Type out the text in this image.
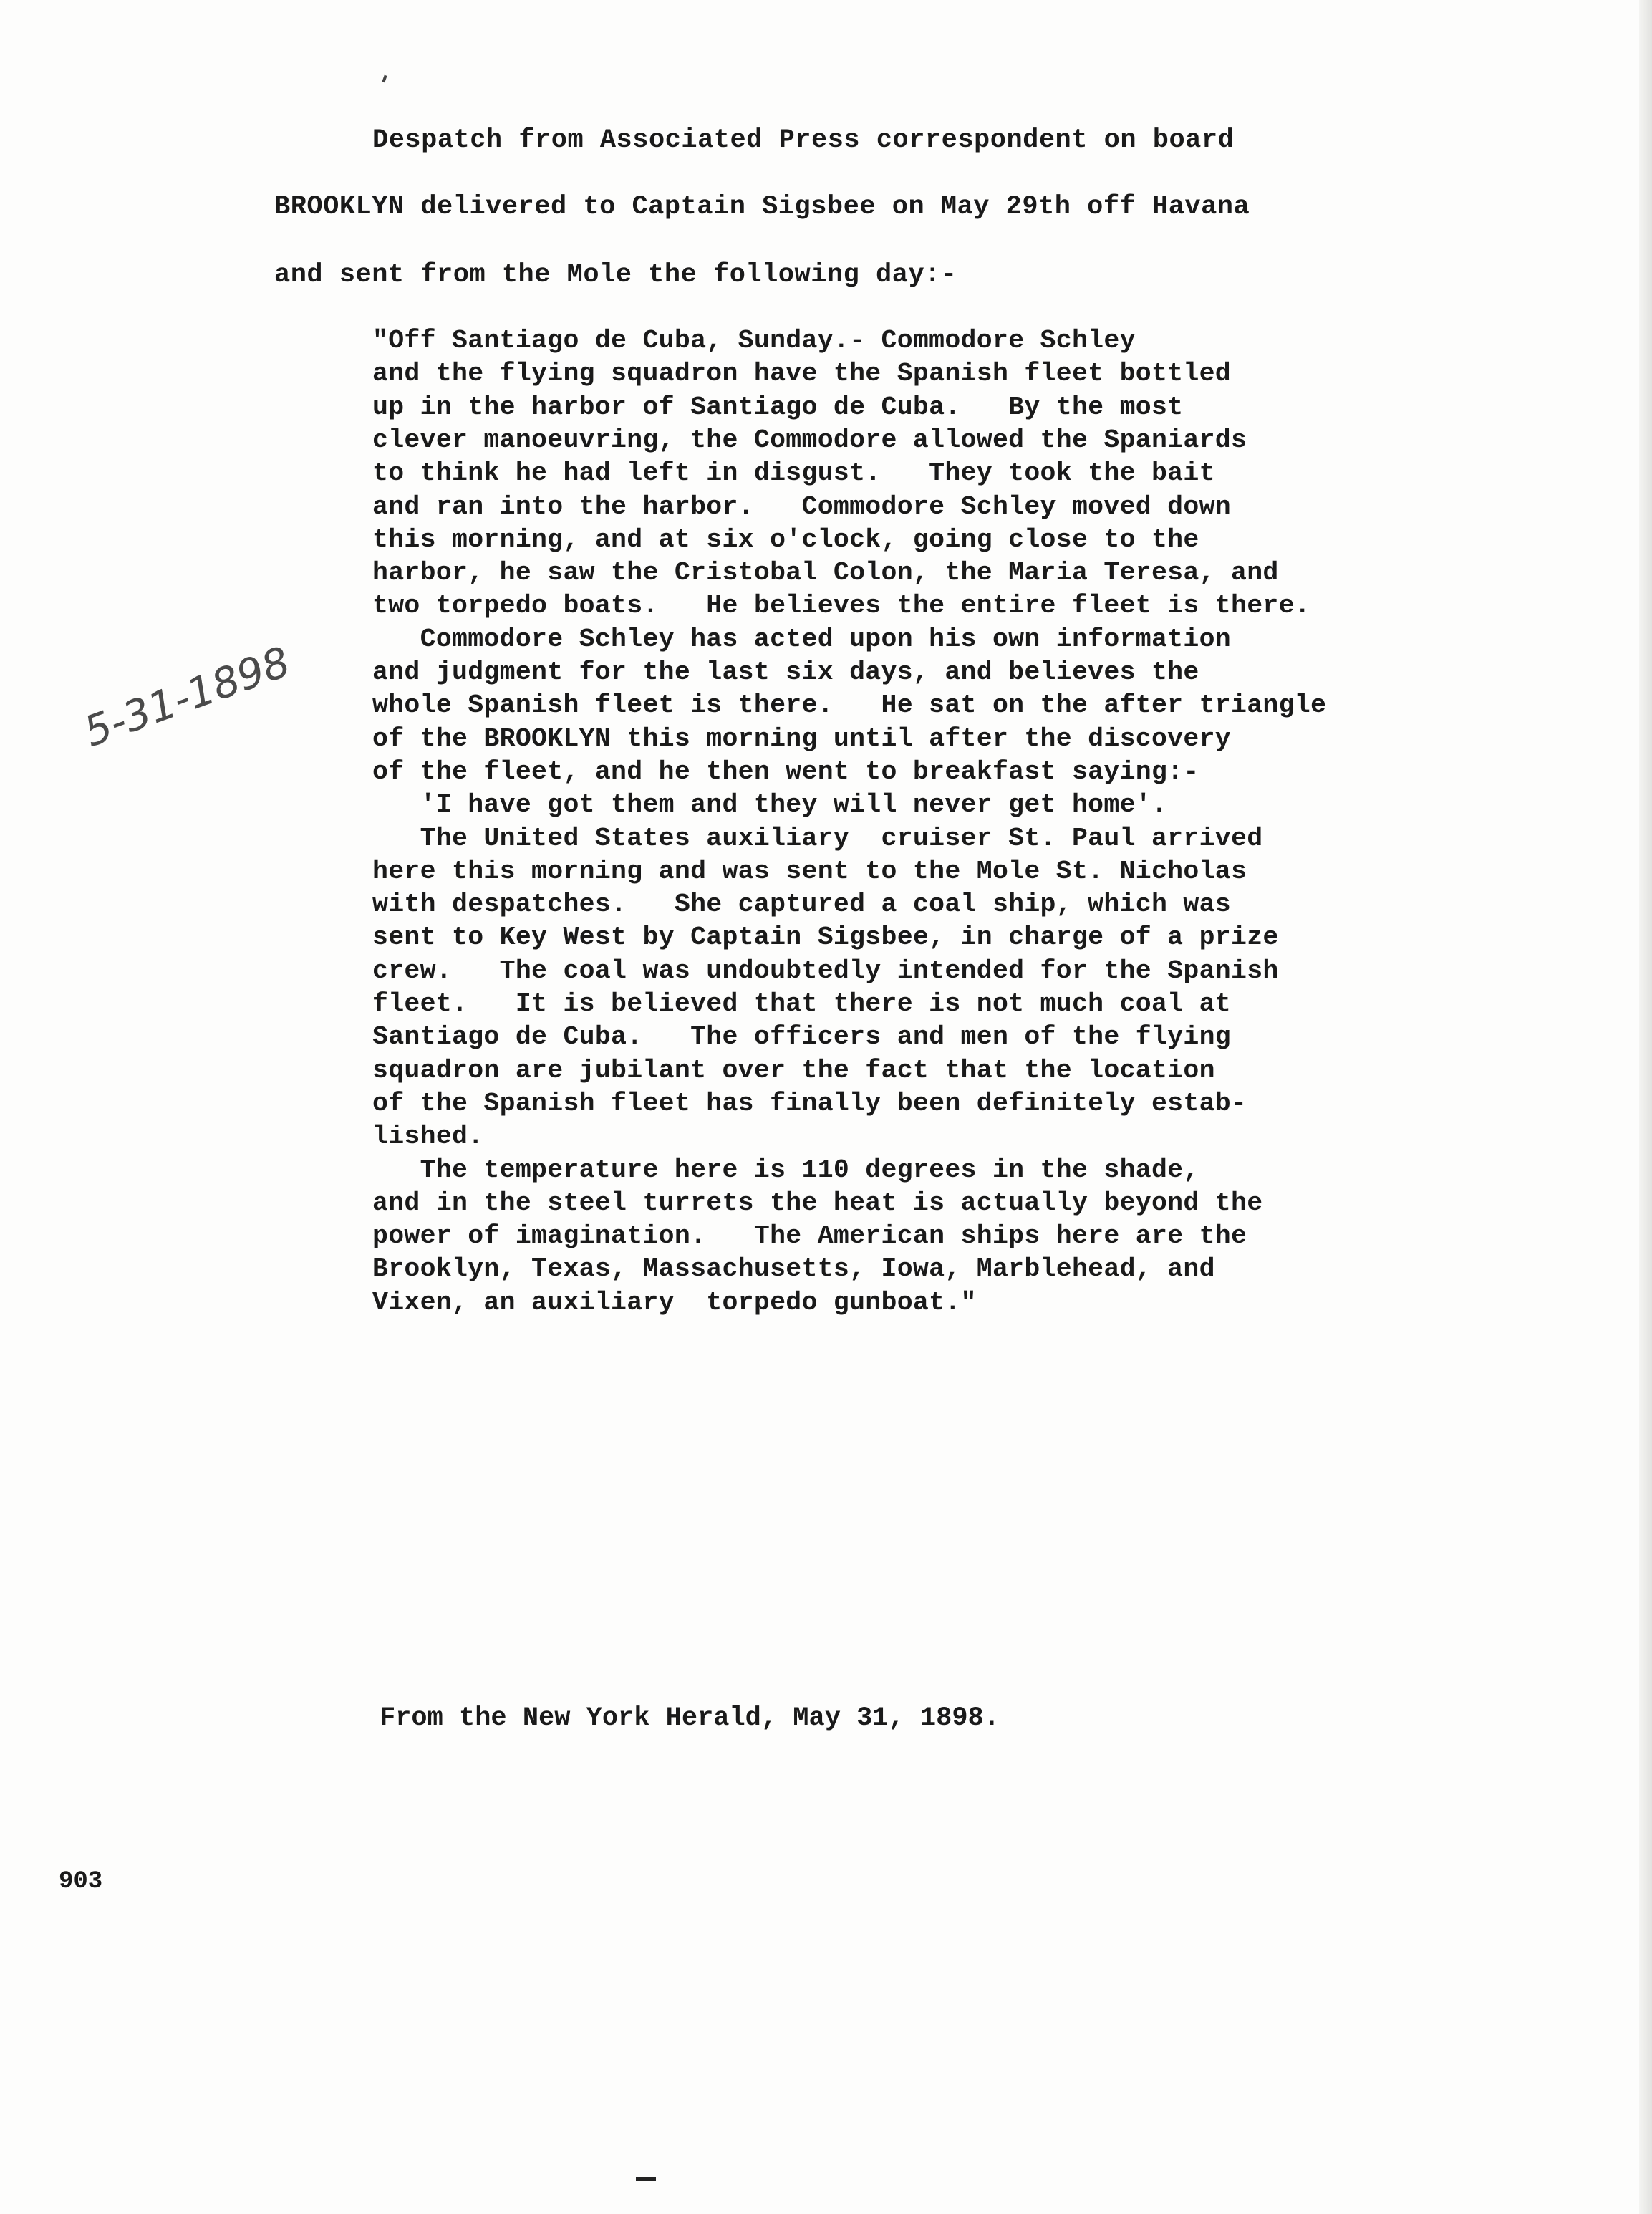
Despatch from Associated Press correspondent on board
BROOKLYN delivered to Captain Sigsbee on May 29th off Havana
and sent from the Mole the following day:-
5-31-1898
"Off Santiago de Cuba, Sunday.- Commodore Schley
and the flying squadron have the Spanish fleet bottled
up in the harbor of Santiago de Cuba.   By the most
clever manoeuvring, the Commodore allowed the Spaniards
to think he had left in disgust.   They took the bait
and ran into the harbor.   Commodore Schley moved down
this morning, and at six o'clock, going close to the
harbor, he saw the Cristobal Colon, the Maria Teresa, and
two torpedo boats.   He believes the entire fleet is there.
Commodore Schley has acted upon his own information
and judgment for the last six days, and believes the
whole Spanish fleet is there.   He sat on the after triangle
of the BROOKLYN this morning until after the discovery
of the fleet, and he then went to breakfast saying:-
'I have got them and they will never get home'.
The United States auxiliary  cruiser St. Paul arrived
here this morning and was sent to the Mole St. Nicholas
with despatches.   She captured a coal ship, which was
sent to Key West by Captain Sigsbee, in charge of a prize
crew.   The coal was undoubtedly intended for the Spanish
fleet.   It is believed that there is not much coal at
Santiago de Cuba.   The officers and men of the flying
squadron are jubilant over the fact that the location
of the Spanish fleet has finally been definitely estab-
lished.
The temperature here is 110 degrees in the shade,
and in the steel turrets the heat is actually beyond the
power of imagination.   The American ships here are the
Brooklyn, Texas, Massachusetts, Iowa, Marblehead, and
Vixen, an auxiliary  torpedo gunboat."
From the New York Herald, May 31, 1898.
903
